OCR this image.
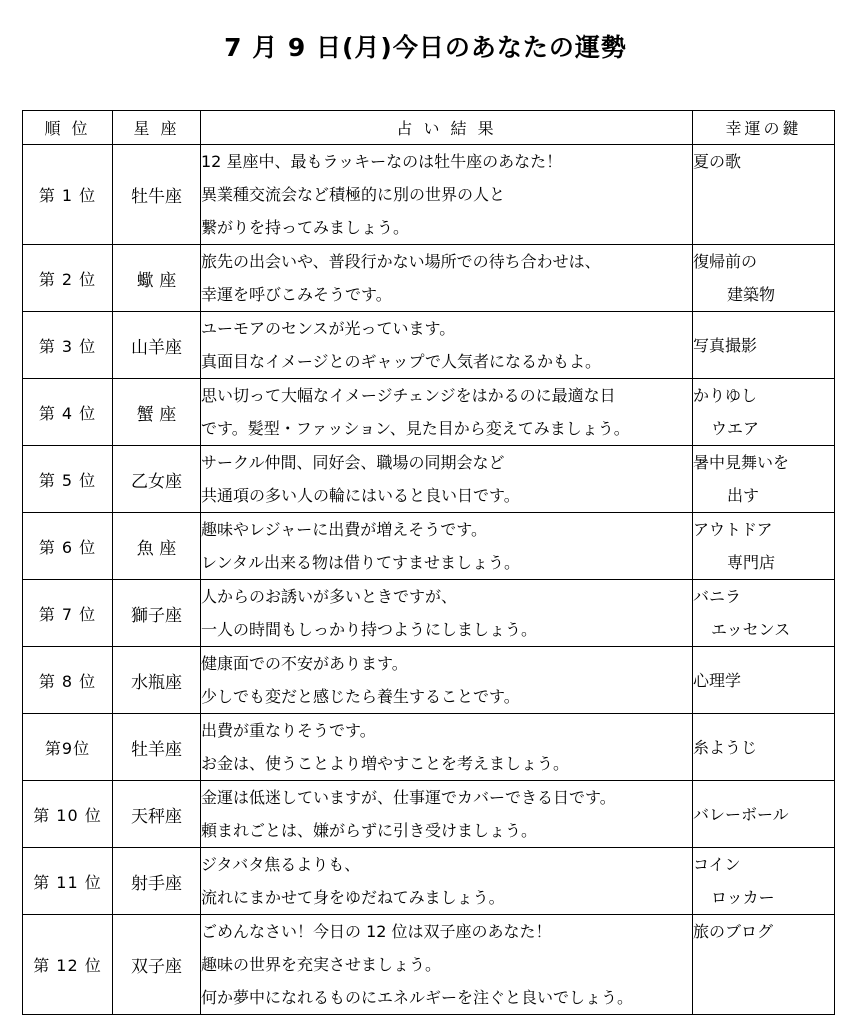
7 月 9 日(月)今日のあなたの運勢
順 位	星 座	占 い 結 果	幸運の鍵
第 1 位	牡牛座	12 星座中、最もラッキーなのは牡牛座のあなた！
異業種交流会など積極的に別の世界の人と
繋がりを持ってみましょう。	夏の歌

第 2 位	蠍 座	旅先の出会いや、普段行かない場所での待ち合わせは、
幸運を呼びこみそうです。	復帰前の
建築物

第 3 位	山羊座	ユーモアのセンスが光っています。
真面目なイメージとのギャップで人気者になるかもよ。	写真撮影

第 4 位	蟹 座	思い切って大幅なイメージチェンジをはかるのに最適な日
です。髪型・ファッション、見た目から変えてみましょう。	かりゆし
ウエア

第 5 位	乙女座	サークル仲間、同好会、職場の同期会など
共通項の多い人の輪にはいると良い日です。	暑中見舞いを
出す

第 6 位	魚 座	趣味やレジャーに出費が増えそうです。
レンタル出来る物は借りてすませましょう。	アウトドア
専門店

第 7 位	獅子座	人からのお誘いが多いときですが、
一人の時間もしっかり持つようにしましょう。	バニラ
エッセンス

第 8 位	水瓶座	健康面での不安があります。
少しでも変だと感じたら養生することです。	心理学

第9位	牡羊座	出費が重なりそうです。
お金は、使うことより増やすことを考えましょう。	糸ようじ

第 10 位	天秤座	金運は低迷していますが、仕事運でカバーできる日です。
頼まれごとは、嫌がらずに引き受けましょう。	バレーボール

第 11 位	射手座	ジタバタ焦るよりも、
流れにまかせて身をゆだねてみましょう。	コイン
ロッカー

第 12 位	双子座	ごめんなさい！今日の 12 位は双子座のあなた！
趣味の世界を充実させましょう。
何か夢中になれるものにエネルギーを注ぐと良いでしょう。	旅のブログ
